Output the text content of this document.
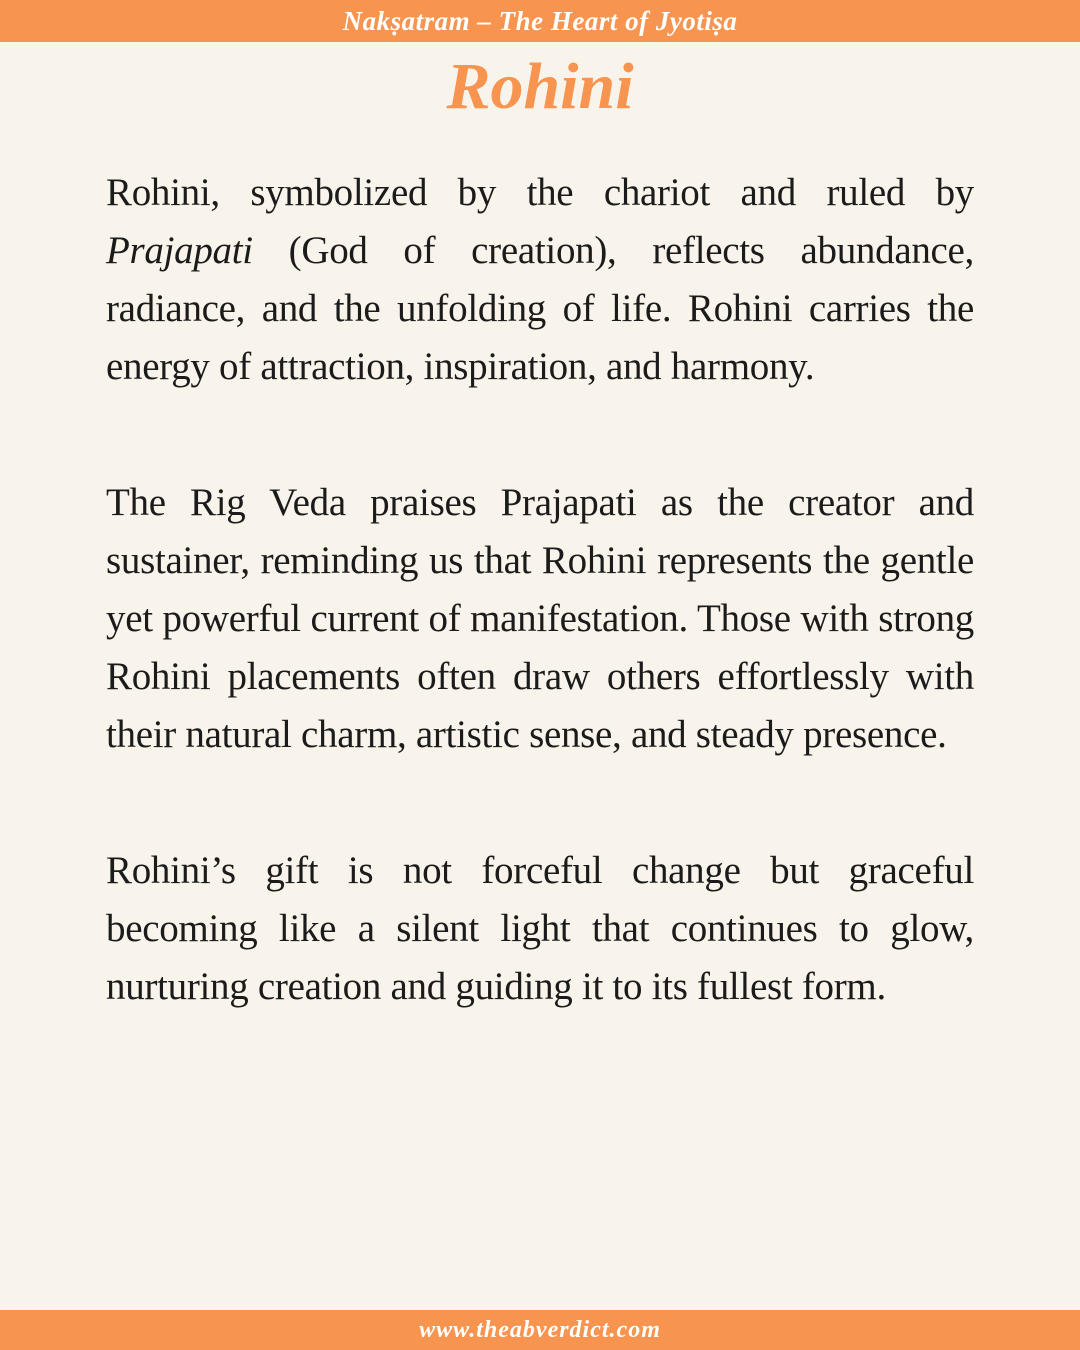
Nakṣatram – The Heart of Jyotiṣa
Rohini

Rohini, symbolized by the chariot and ruled by Prajapati (God of creation), reflects abundance, radiance, and the unfolding of life. Rohini carries the energy of attraction, inspiration, and harmony.

The Rig Veda praises Prajapati as the creator and sustainer, reminding us that Rohini represents the gentle yet powerful current of manifestation. Those with strong Rohini placements often draw others effortlessly with their natural charm, artistic sense, and steady presence.

Rohini’s gift is not forceful change but graceful becoming like a silent light that continues to glow, nurturing creation and guiding it to its fullest form.

www.theabverdict.com
